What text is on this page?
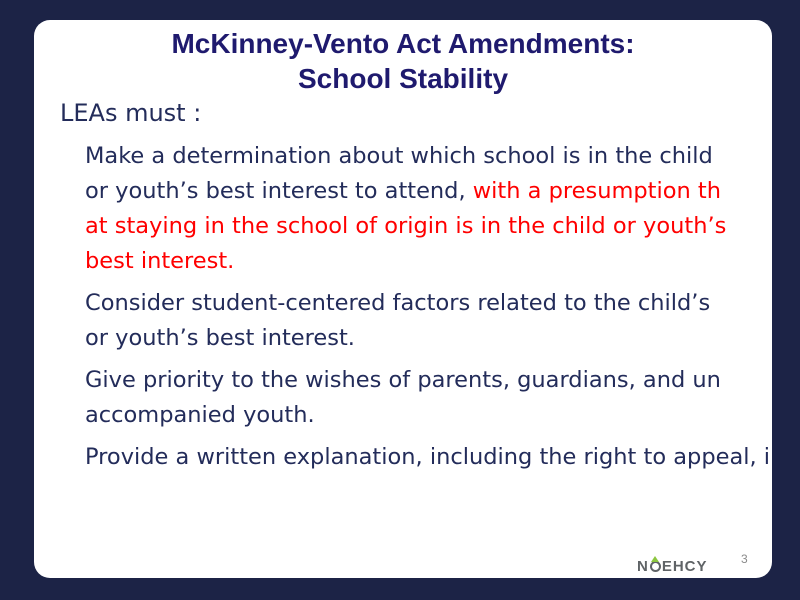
McKinney-Vento Act Amendments:
School Stability
LEAs must :
Make a determination about which school is in the child
or youth’s best interest to attend, with a presumption th
at staying in the school of origin is in the child or youth’s
best interest.
Consider student-centered factors related to the child’s
or youth’s best interest.
Give priority to the wishes of parents, guardians, and un
accompanied youth.
Provide a written explanation, including the right to appeal, i
N EHCY	3
